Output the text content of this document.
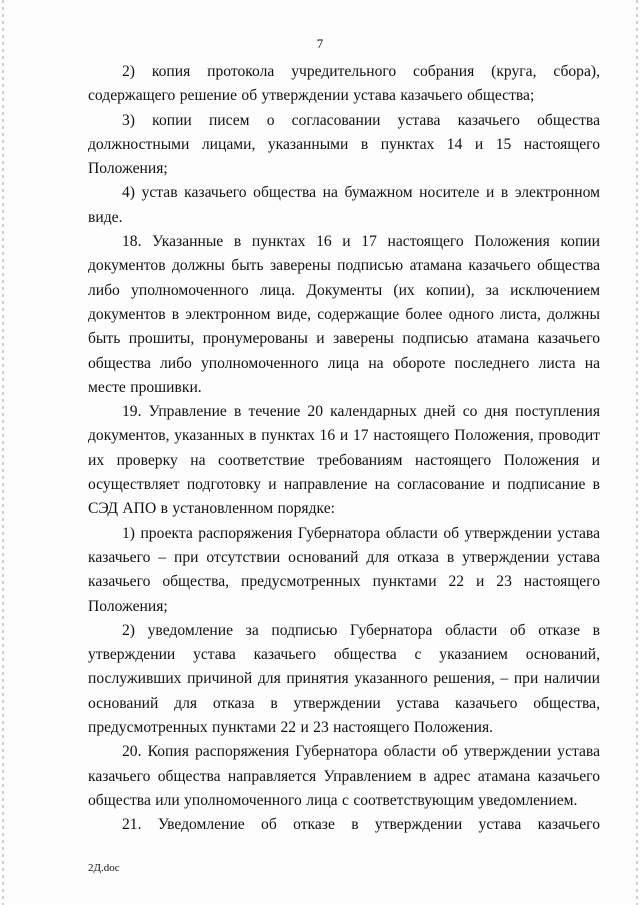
7

2) копия протокола учредительного собрания (круга, сбора), содержащего решение об утверждении устава казачьего общества;

3) копии писем о согласовании устава казачьего общества должностными лицами, указанными в пунктах 14 и 15 настоящего Положения;

4) устав казачьего общества на бумажном носителе и в электронном виде.

18. Указанные в пунктах 16 и 17 настоящего Положения копии документов должны быть заверены подписью атамана казачьего общества либо уполномоченного лица. Документы (их копии), за исключением документов в электронном виде, содержащие более одного листа, должны быть прошиты, пронумерованы и заверены подписью атамана казачьего общества либо уполномоченного лица на обороте последнего листа на месте прошивки.

19. Управление в течение 20 календарных дней со дня поступления документов, указанных в пунктах 16 и 17 настоящего Положения, проводит их проверку на соответствие требованиям настоящего Положения и осуществляет подготовку и направление на согласование и подписание в СЭД АПО в установленном порядке:

1) проекта распоряжения Губернатора области об утверждении устава казачьего – при отсутствии оснований для отказа в утверждении устава казачьего общества, предусмотренных пунктами 22 и 23 настоящего Положения;

2) уведомление за подписью Губернатора области об отказе в утверждении устава казачьего общества с указанием оснований, послуживших причиной для принятия указанного решения, – при наличии оснований для отказа в утверждении устава казачьего общества, предусмотренных пунктами 22 и 23 настоящего Положения.

20. Копия распоряжения Губернатора области об утверждении устава казачьего общества направляется Управлением в адрес атамана казачьего общества или уполномоченного лица с соответствующим уведомлением.

21. Уведомление об отказе в утверждении устава казачьего

2Д.doc
